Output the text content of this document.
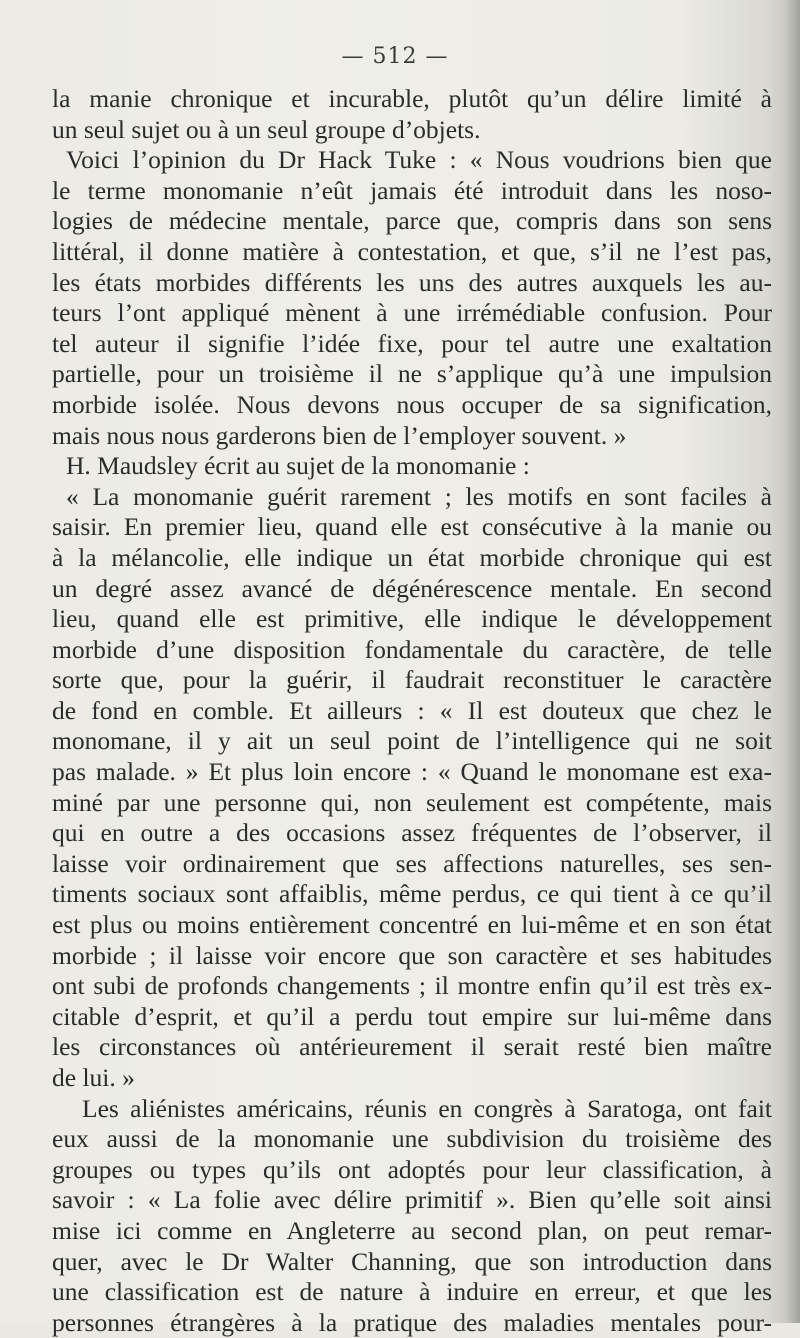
— 512 —
la manie chronique et incurable, plutôt qu’un délire limité à
un seul sujet ou à un seul groupe d’objets.
Voici l’opinion du Dr Hack Tuke : « Nous voudrions bien que
le terme monomanie n’eût jamais été introduit dans les noso-
logies de médecine mentale, parce que, compris dans son sens
littéral, il donne matière à contestation, et que, s’il ne l’est pas,
les états morbides différents les uns des autres auxquels les au-
teurs l’ont appliqué mènent à une irrémédiable confusion. Pour
tel auteur il signifie l’idée fixe, pour tel autre une exaltation
partielle, pour un troisième il ne s’applique qu’à une impulsion
morbide isolée. Nous devons nous occuper de sa signification,
mais nous nous garderons bien de l’employer souvent. »
H. Maudsley écrit au sujet de la monomanie :
« La monomanie guérit rarement ; les motifs en sont faciles à
saisir. En premier lieu, quand elle est consécutive à la manie ou
à la mélancolie, elle indique un état morbide chronique qui est
un degré assez avancé de dégénérescence mentale. En second
lieu, quand elle est primitive, elle indique le développement
morbide d’une disposition fondamentale du caractère, de telle
sorte que, pour la guérir, il faudrait reconstituer le caractère
de fond en comble. Et ailleurs : « Il est douteux que chez le
monomane, il y ait un seul point de l’intelligence qui ne soit
pas malade. » Et plus loin encore : « Quand le monomane est exa-
miné par une personne qui, non seulement est compétente, mais
qui en outre a des occasions assez fréquentes de l’observer, il
laisse voir ordinairement que ses affections naturelles, ses sen-
timents sociaux sont affaiblis, même perdus, ce qui tient à ce qu’il
est plus ou moins entièrement concentré en lui-même et en son état
morbide ; il laisse voir encore que son caractère et ses habitudes
ont subi de profonds changements ; il montre enfin qu’il est très ex-
citable d’esprit, et qu’il a perdu tout empire sur lui-même dans
les circonstances où antérieurement il serait resté bien maître
de lui. »
Les aliénistes américains, réunis en congrès à Saratoga, ont fait
eux aussi de la monomanie une subdivision du troisième des
groupes ou types qu’ils ont adoptés pour leur classification, à
savoir : « La folie avec délire primitif ». Bien qu’elle soit ainsi
mise ici comme en Angleterre au second plan, on peut remar-
quer, avec le Dr Walter Channing, que son introduction dans
une classification est de nature à induire en erreur, et que les
personnes étrangères à la pratique des maladies mentales pour-
